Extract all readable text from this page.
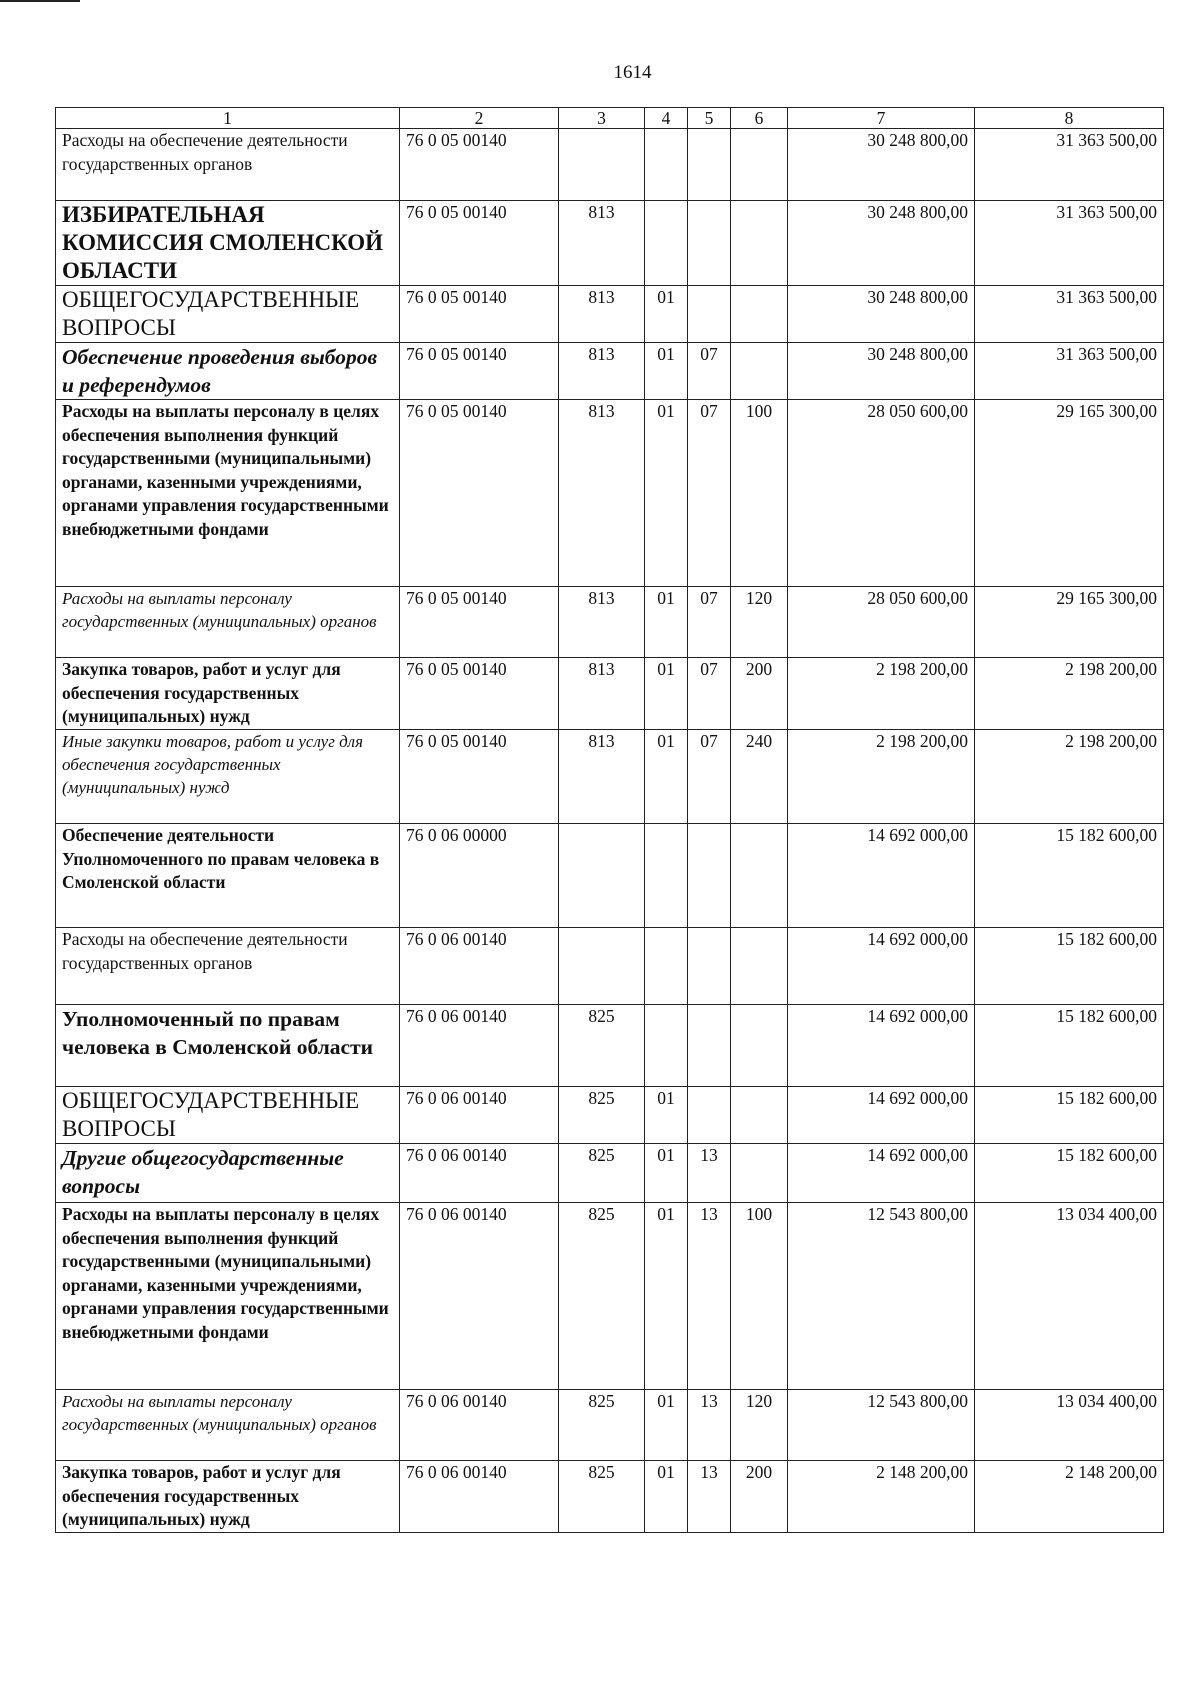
1614
1	2	3	4	5	6	7	8
Расходы на обеспечение деятельности государственных органов	76 0 05 00140					30 248 800,00	31 363 500,00
ИЗБИРАТЕЛЬНАЯ КОМИССИЯ СМОЛЕНСКОЙ ОБЛАСТИ	76 0 05 00140	813				30 248 800,00	31 363 500,00
ОБЩЕГОСУДАРСТВЕННЫЕ ВОПРОСЫ	76 0 05 00140	813	01			30 248 800,00	31 363 500,00
Обеспечение проведения выборов и референдумов	76 0 05 00140	813	01	07		30 248 800,00	31 363 500,00
Расходы на выплаты персоналу в целях обеспечения выполнения функций государственными (муниципальными) органами, казенными учреждениями, органами управления государственными внебюджетными фондами	76 0 05 00140	813	01	07	100	28 050 600,00	29 165 300,00
Расходы на выплаты персоналу государственных (муниципальных) органов	76 0 05 00140	813	01	07	120	28 050 600,00	29 165 300,00
Закупка товаров, работ и услуг для обеспечения государственных (муниципальных) нужд	76 0 05 00140	813	01	07	200	2 198 200,00	2 198 200,00
Иные закупки товаров, работ и услуг для обеспечения государственных (муниципальных) нужд	76 0 05 00140	813	01	07	240	2 198 200,00	2 198 200,00
Обеспечение деятельности Уполномоченного по правам человека в Смоленской области	76 0 06 00000					14 692 000,00	15 182 600,00
Расходы на обеспечение деятельности государственных органов	76 0 06 00140					14 692 000,00	15 182 600,00
Уполномоченный по правам человека в Смоленской области	76 0 06 00140	825				14 692 000,00	15 182 600,00
ОБЩЕГОСУДАРСТВЕННЫЕ ВОПРОСЫ	76 0 06 00140	825	01			14 692 000,00	15 182 600,00
Другие общегосударственные вопросы	76 0 06 00140	825	01	13		14 692 000,00	15 182 600,00
Расходы на выплаты персоналу в целях обеспечения выполнения функций государственными (муниципальными) органами, казенными учреждениями, органами управления государственными внебюджетными фондами	76 0 06 00140	825	01	13	100	12 543 800,00	13 034 400,00
Расходы на выплаты персоналу государственных (муниципальных) органов	76 0 06 00140	825	01	13	120	12 543 800,00	13 034 400,00
Закупка товаров, работ и услуг для обеспечения государственных (муниципальных) нужд	76 0 06 00140	825	01	13	200	2 148 200,00	2 148 200,00
